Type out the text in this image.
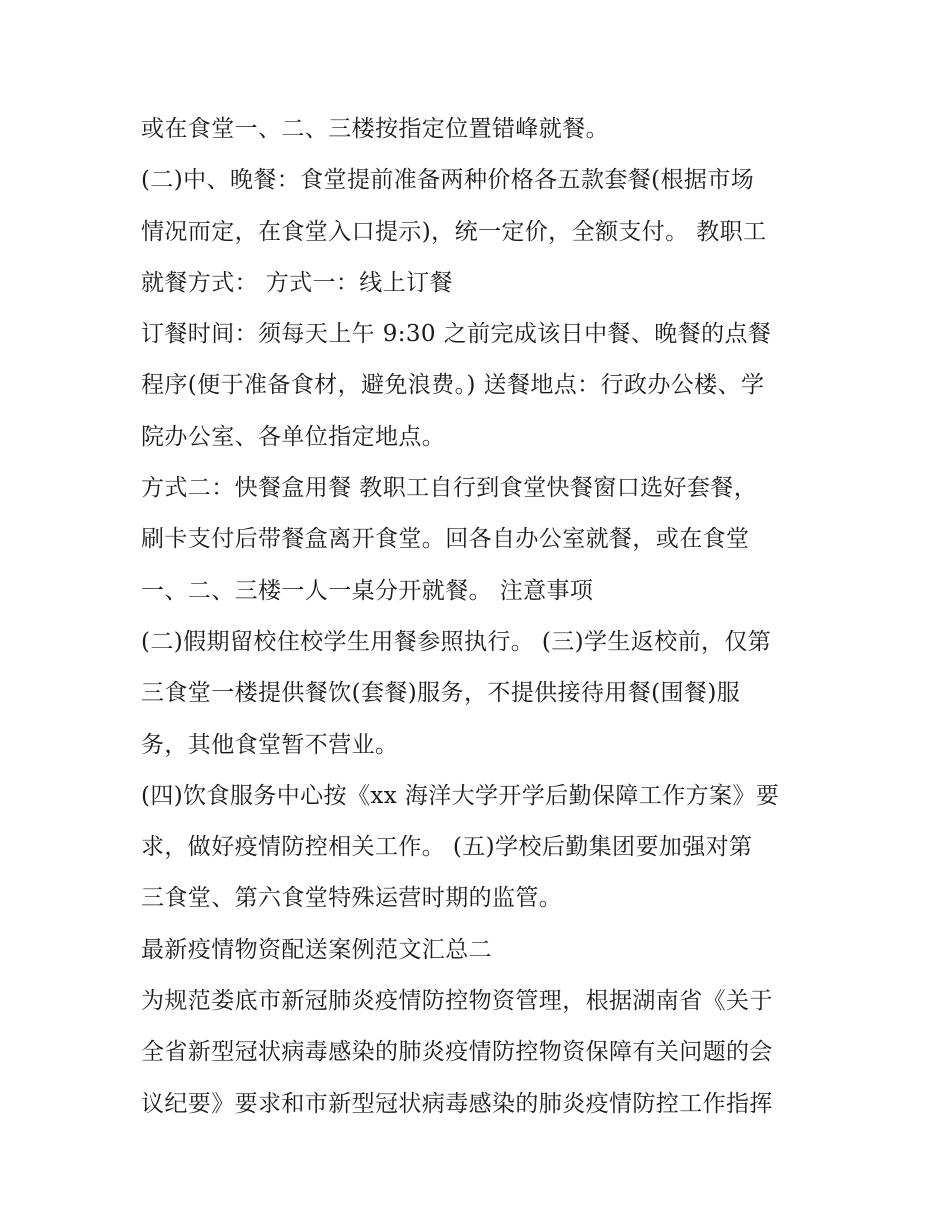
或在食堂一、二、三楼按指定位置错峰就餐。
(二)中、晚餐：食堂提前准备两种价格各五款套餐(根据市场
情况而定，在食堂入口提示)，统一定价，全额支付。 教职工
就餐方式： 方式一：线上订餐
订餐时间：须每天上午 9:30 之前完成该日中餐、晚餐的点餐
程序(便于准备食材，避免浪费。) 送餐地点：行政办公楼、学
院办公室、各单位指定地点。
方式二：快餐盒用餐 教职工自行到食堂快餐窗口选好套餐，
刷卡支付后带餐盒离开食堂。回各自办公室就餐，或在食堂
一、二、三楼一人一桌分开就餐。 注意事项
(二)假期留校住校学生用餐参照执行。 (三)学生返校前，仅第
三食堂一楼提供餐饮(套餐)服务，不提供接待用餐(围餐)服
务，其他食堂暂不营业。
(四)饮食服务中心按《xx 海洋大学开学后勤保障工作方案》要
求，做好疫情防控相关工作。 (五)学校后勤集团要加强对第
三食堂、第六食堂特殊运营时期的监管。
最新疫情物资配送案例范文汇总二
为规范娄底市新冠肺炎疫情防控物资管理，根据湖南省《关于
全省新型冠状病毒感染的肺炎疫情防控物资保障有关问题的会
议纪要》要求和市新型冠状病毒感染的肺炎疫情防控工作指挥
